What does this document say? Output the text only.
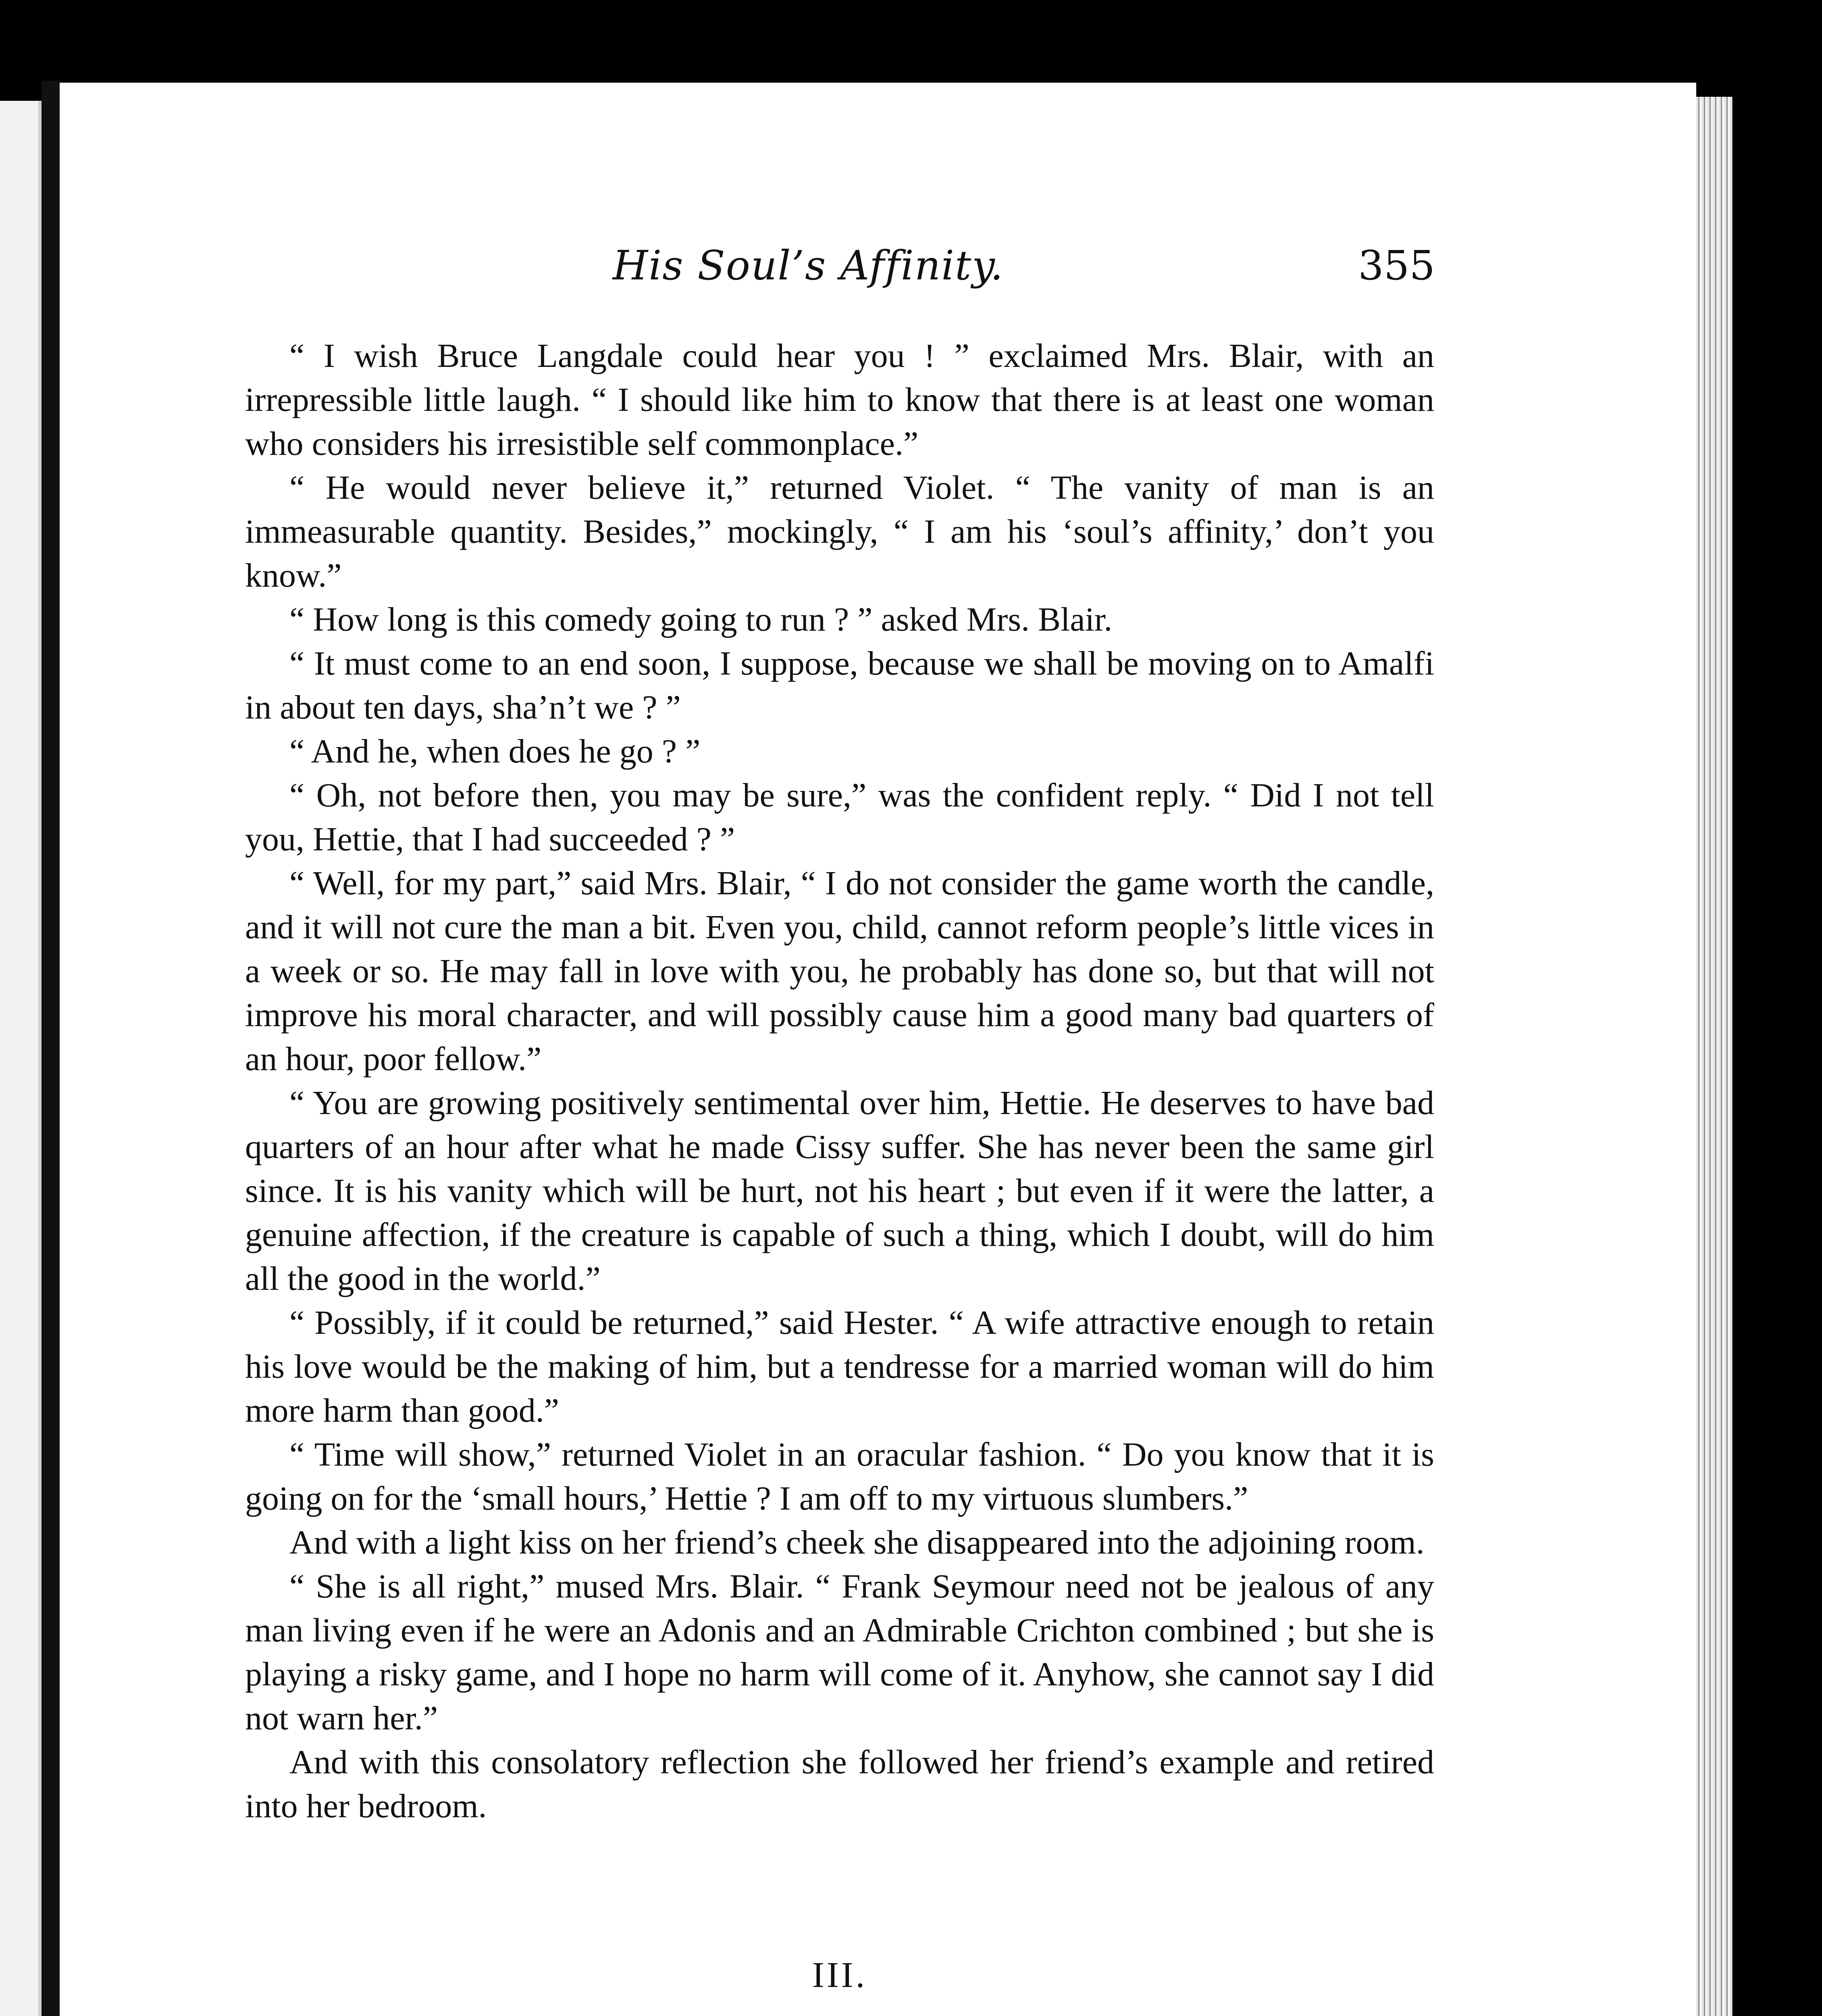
His Soul’s Affinity.	355

“ I wish Bruce Langdale could hear you ! ” exclaimed Mrs. Blair, with an irrepressible little laugh. “ I should like him to know that there is at least one woman who considers his irresistible self commonplace.”

“ He would never believe it,” returned Violet. “ The vanity of man is an immeasurable quantity. Besides,” mockingly, “ I am his ‘soul’s affinity,’ don’t you know.”

“ How long is this comedy going to run ? ” asked Mrs. Blair.

“ It must come to an end soon, I suppose, because we shall be moving on to Amalfi in about ten days, sha’n’t we ? ”

“ And he, when does he go ? ”

“ Oh, not before then, you may be sure,” was the confident reply. “ Did I not tell you, Hettie, that I had succeeded ? ”

“ Well, for my part,” said Mrs. Blair, “ I do not consider the game worth the candle, and it will not cure the man a bit. Even you, child, cannot reform people’s little vices in a week or so. He may fall in love with you, he probably has done so, but that will not improve his moral character, and will possibly cause him a good many bad quarters of an hour, poor fellow.”

“ You are growing positively sentimental over him, Hettie. He deserves to have bad quarters of an hour after what he made Cissy suffer. She has never been the same girl since. It is his vanity which will be hurt, not his heart ; but even if it were the latter, a genuine affection, if the creature is capable of such a thing, which I doubt, will do him all the good in the world.”

“ Possibly, if it could be returned,” said Hester. “ A wife attractive enough to retain his love would be the making of him, but a tendresse for a married woman will do him more harm than good.”

“ Time will show,” returned Violet in an oracular fashion. “ Do you know that it is going on for the ‘small hours,’ Hettie ? I am off to my virtuous slumbers.”

And with a light kiss on her friend’s cheek she disappeared into the adjoining room.

“ She is all right,” mused Mrs. Blair. “ Frank Seymour need not be jealous of any man living even if he were an Adonis and an Admirable Crichton combined ; but she is playing a risky game, and I hope no harm will come of it. Anyhow, she cannot say I did not warn her.”

And with this consolatory reflection she followed her friend’s example and retired into her bedroom.

III.
